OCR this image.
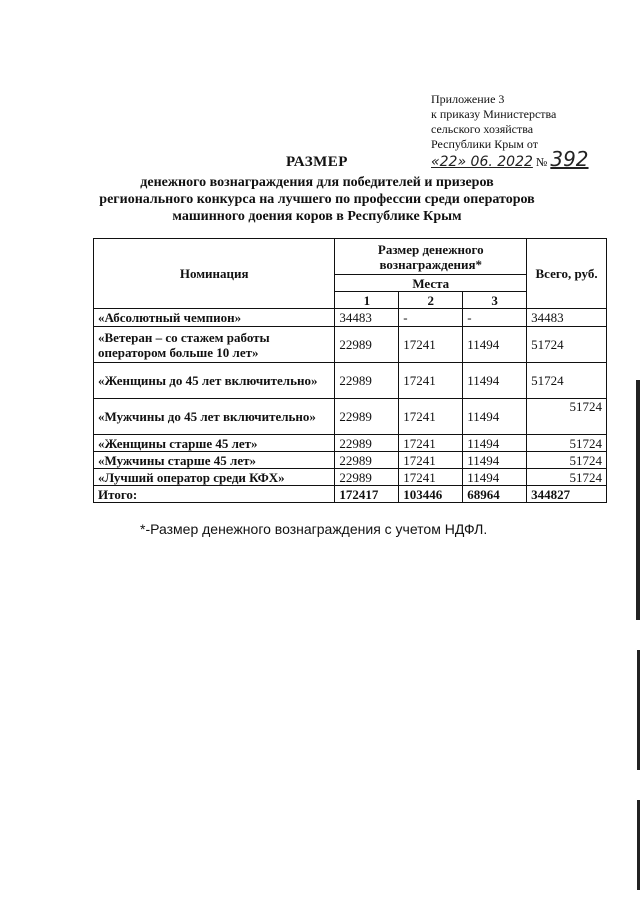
Приложение 3
к приказу Министерства
сельского хозяйства
Республики Крым от
«22» 06. 2022 № 392
РАЗМЕР
денежного вознаграждения для победителей и призеров
регионального конкурса на лучшего по профессии среди операторов
машинного доения коров в Республике Крым
Номинация	Размер денежного вознаграждения*			Всего, руб.
	Места			
	1	2	3	
«Абсолютный чемпион»	34483	-	-	34483
«Ветеран – со стажем работы оператором больше 10 лет»	22989	17241	11494	51724
«Женщины до 45 лет включительно»	22989	17241	11494	51724
«Мужчины до 45 лет включительно»	22989	17241	11494	51724
«Женщины старше 45 лет»	22989	17241	11494	51724
«Мужчины старше 45 лет»	22989	17241	11494	51724
«Лучший оператор среди КФХ»	22989	17241	11494	51724
Итого:	172417	103446	68964	344827
*-Размер денежного вознаграждения с учетом НДФЛ.
